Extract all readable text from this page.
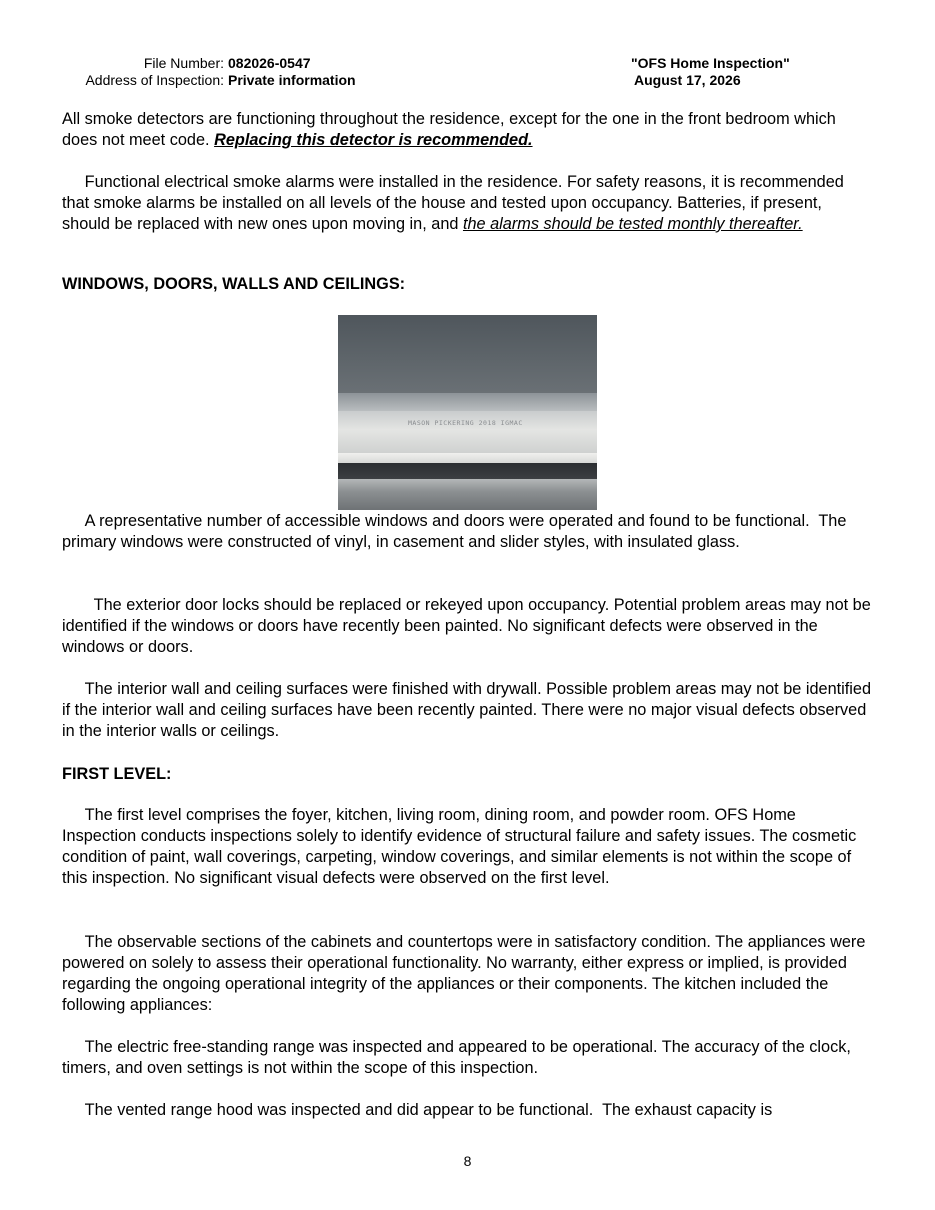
File Number: 082026-0547
Address of Inspection: Private information
"OFS Home Inspection"
August 17, 2026

All smoke detectors are functioning throughout the residence, except for the one in the front bedroom which does not meet code. Replacing this detector is recommended.

Functional electrical smoke alarms were installed in the residence. For safety reasons, it is recommended that smoke alarms be installed on all levels of the house and tested upon occupancy. Batteries, if present, should be replaced with new ones upon moving in, and the alarms should be tested monthly thereafter.

WINDOWS, DOORS, WALLS AND CEILINGS:

MASON PICKERING 2018 IGMAC

A representative number of accessible windows and doors were operated and found to be functional.  The primary windows were constructed of vinyl, in casement and slider styles, with insulated glass.

The exterior door locks should be replaced or rekeyed upon occupancy. Potential problem areas may not be identified if the windows or doors have recently been painted. No significant defects were observed in the windows or doors.

The interior wall and ceiling surfaces were finished with drywall. Possible problem areas may not be identified if the interior wall and ceiling surfaces have been recently painted. There were no major visual defects observed in the interior walls or ceilings.

FIRST LEVEL:

The first level comprises the foyer, kitchen, living room, dining room, and powder room. OFS Home Inspection conducts inspections solely to identify evidence of structural failure and safety issues. The cosmetic condition of paint, wall coverings, carpeting, window coverings, and similar elements is not within the scope of this inspection. No significant visual defects were observed on the first level.

The observable sections of the cabinets and countertops were in satisfactory condition. The appliances were powered on solely to assess their operational functionality. No warranty, either express or implied, is provided regarding the ongoing operational integrity of the appliances or their components. The kitchen included the following appliances:

The electric free-standing range was inspected and appeared to be operational. The accuracy of the clock, timers, and oven settings is not within the scope of this inspection.

The vented range hood was inspected and did appear to be functional.  The exhaust capacity is

8
